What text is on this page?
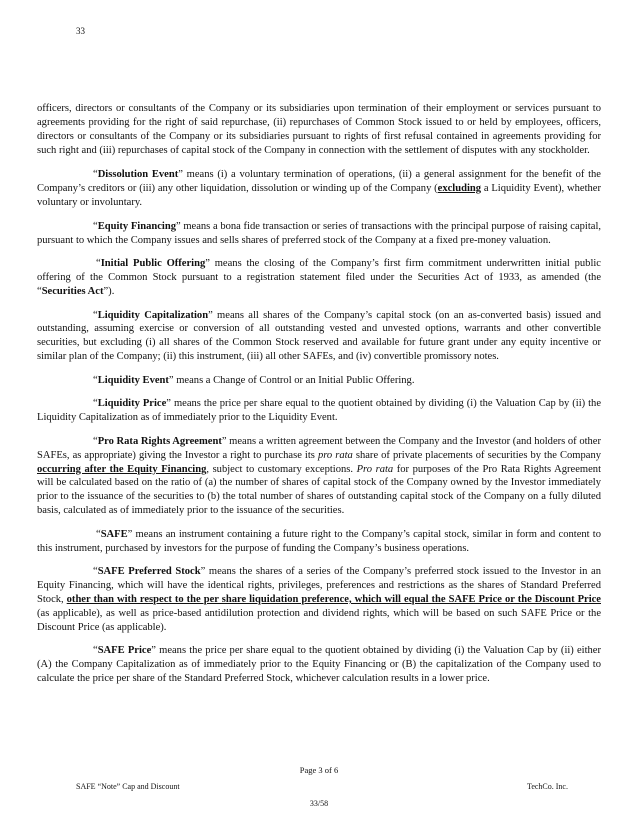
33

officers, directors or consultants of the Company or its subsidiaries upon termination of their employment or services pursuant to agreements providing for the right of said repurchase, (ii) repurchases of Common Stock issued to or held by employees, officers, directors or consultants of the Company or its subsidiaries pursuant to rights of first refusal contained in agreements providing for such right and (iii) repurchases of capital stock of the Company in connection with the settlement of disputes with any stockholder.

“Dissolution Event” means (i) a voluntary termination of operations, (ii) a general assignment for the benefit of the Company’s creditors or (iii) any other liquidation, dissolution or winding up of the Company (excluding a Liquidity Event), whether voluntary or involuntary.

“Equity Financing” means a bona fide transaction or series of transactions with the principal purpose of raising capital, pursuant to which the Company issues and sells shares of preferred stock of the Company at a fixed pre-money valuation.

“Initial Public Offering” means the closing of the Company’s first firm commitment underwritten initial public offering of the Common Stock pursuant to a registration statement filed under the Securities Act of 1933, as amended (the “Securities Act”).

“Liquidity Capitalization” means all shares of the Company’s capital stock (on an as-converted basis) issued and outstanding, assuming exercise or conversion of all outstanding vested and unvested options, warrants and other convertible securities, but excluding (i) all shares of the Common Stock reserved and available for future grant under any equity incentive or similar plan of the Company; (ii) this instrument, (iii) all other SAFEs, and (iv) convertible promissory notes.

“Liquidity Event” means a Change of Control or an Initial Public Offering.

“Liquidity Price” means the price per share equal to the quotient obtained by dividing (i) the Valuation Cap by (ii) the Liquidity Capitalization as of immediately prior to the Liquidity Event.

“Pro Rata Rights Agreement” means a written agreement between the Company and the Investor (and holders of other SAFEs, as appropriate) giving the Investor a right to purchase its pro rata share of private placements of securities by the Company occurring after the Equity Financing, subject to customary exceptions. Pro rata for purposes of the Pro Rata Rights Agreement will be calculated based on the ratio of (a) the number of shares of capital stock of the Company owned by the Investor immediately prior to the issuance of the securities to (b) the total number of shares of outstanding capital stock of the Company on a fully diluted basis, calculated as of immediately prior to the issuance of the securities.

“SAFE” means an instrument containing a future right to the Company’s capital stock, similar in form and content to this instrument, purchased by investors for the purpose of funding the Company’s business operations.

“SAFE Preferred Stock” means the shares of a series of the Company’s preferred stock issued to the Investor in an Equity Financing, which will have the identical rights, privileges, preferences and restrictions as the shares of Standard Preferred Stock, other than with respect to the per share liquidation preference, which will equal the SAFE Price or the Discount Price (as applicable), as well as price-based antidilution protection and dividend rights, which will be based on such SAFE Price or the Discount Price (as applicable).

“SAFE Price” means the price per share equal to the quotient obtained by dividing (i) the Valuation Cap by (ii) either (A) the Company Capitalization as of immediately prior to the Equity Financing or (B) the capitalization of the Company used to calculate the price per share of the Standard Preferred Stock, whichever calculation results in a lower price.

Page 3 of 6
SAFE “Note” Cap and Discount	TechCo. Inc.
33/58
